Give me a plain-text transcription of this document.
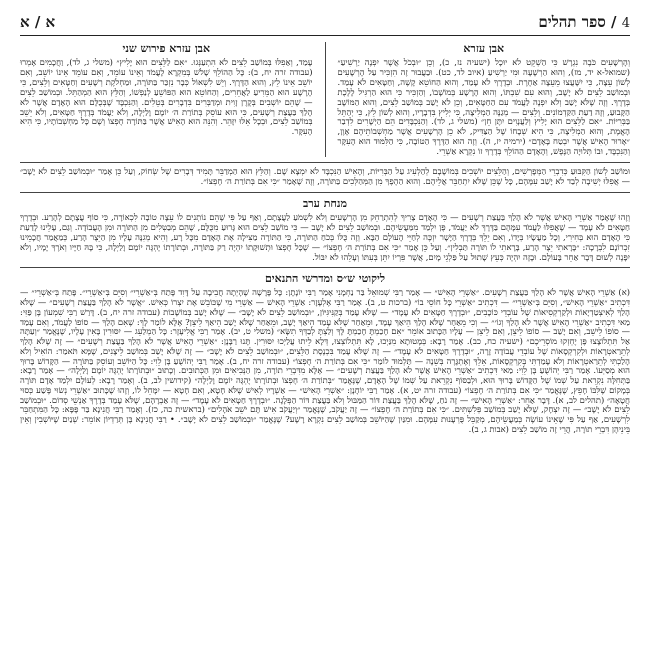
4 / ספר תהלים
א / א
אבן עזרא

וְהָרְשָׁעִים כֹּבֶה נִגְרָשׁ כִּי הַשְׁקֵט לֹא יוּכָל (ישעיה נז, כ), וְכֵן ״וּבְכֹל אֲשֶׁר יִפְנֶה יַרְשִׁיעַ״ (שמואל-א יד, מז), וְהוּא הַרְשָׁעָה וּמִי יַרְשִׁיעַ (איוב לד, כט). וּבַעֲבוּר זֶה הִזְכִּיר עַל הָרְשָׁעִים לְשׁוֹן עֵצָה, כִּי יִשָּׁעֲצוּ מֵעֵצָה אַחֶרֶת. וּבְדֶרֶךְ לֹא עָמַד, וְהוּא הַחוֹטֵא קָשֶׁה, וְחַטָּאִים לֹא עָמַד. וּבְמוֹשַׁב לֵצִים לֹא יָשָׁב, וְהוּא עִם שִׁבְתּוֹ, וְהוּא הָרָשָׁע בְּמוֹשָׁבוֹ, וְהַזְכִּיר כִּי הוּא הַרְגִּיל לָלֶכֶת בְּדֶרֶךְ. וְזֶה שֶׁלֹּא יָשַׁב וְלֹא יִפְנֶה לַעֲמֹד עִם הַחַטָּאִים, וְכֵן לֹא יָשַׁב בְּמוֹשַׁב לֵצִים, וְהוּא הַמּוֹשָׁב הַקָּבוּעַ, וְזֶה דַעַת הַקַּדְמוֹנִים. וְלֵצִים — מְגַנֶּה הַמְלִיצָה, כִּי יְלִיץ בִּדְבָרָיו, וְהוּא לְשׁוֹן לֵץ, כִּי יְהַתֵּל בַּבְּרִיּוֹת. ״אִם לַלֵּצִים הוּא יָלִיץ וְלַעֲנָוִים יִתֶּן חֵן״ (משלי ג, לד). וְהַנִּכְבָּדִים הֵם הַיְשָׁרִים לִדְבַר הָאֱמֶת, וְהוּא הַמְלִיצָה, כִּי הִיא שְׁבָחוֹ שֶׁל הַצַּדִּיק, לֹא כֵן הָרְשָׁעִים אֲשֶׁר מַחְשְׁבוֹתֵיהֶם אָוֶן, ״אָרוּר הָאִישׁ אֲשֶׁר יִבְטַח בָּאָדָם״ (ירמיה יז, ה). וְזֶה הוּא הַדֶּרֶךְ הַטּוֹבָה, כִּי הַלִּמּוּד הוּא הָעִקָּר וְהַנִּכְבָּד, וּבוֹ תְּלוּיָה הַנֶּפֶשׁ, וְהָאָדָם הַהוֹלֵךְ בְּדֶרֶךְ זוֹ נִקְרָא אַשְׁרֵי.

אבן עזרא פירוש שני

עָמַד, וְאַפִלּוּ בְּמוֹשַׁב לֵצִים לֹא הִתְעַנְּגוּ. ״אִם לַלֵּצִים הוּא יָלִיץ״ (משלי ג, לד), וַחֲכָמִים אָמְרוּ (עבודה זרה יח, ב): כָּל הַהוֹלֵךְ שָׁלֹשׁ בְּמִקְרָא לָעֲמֹד וְאֵינוֹ עוֹמֵד, וְאִם עוֹמֵד אֵינוֹ יוֹשֵׁב, וְאִם יוֹשֵׁב אֵינוֹ לֵץ, וְהוּא הַדֶּרֶךְ. וְיֵשׁ לִשְׁאוֹל כְּבָר נִזְכַּר בַּתּוֹרָה, וּמַחְלֹקֶת רְשָׁעִים וְחַטָּאִים וְלֵצִים, כִּי הָרָשָׁע הוּא הַמֵּרִיעַ לַאֲחֵרִים, וְהַחוֹטֵא הוּא הַפּוֹשֵׁעַ לְנַפְשׁוֹ, וְהַלֵּץ הוּא הַמְהַתֵּל. וּבְמוֹשַׁב לֵצִים — שֶׁהֵם יוֹשְׁבִים בְּקֶרֶן זָוִית וּמְדַבְּרִים בִּדְבָרִים בְּטֵלִים. וְהַנִּכְבָּד שֶׁבְּכֻלָּם הוּא הָאָדָם אֲשֶׁר לֹא הָלַךְ בַּעֲצַת רְשָׁעִים, כִּי הוּא עוֹסֵק בְּתוֹרַת ה׳ יוֹמָם וָלַיְלָה, וְלֹא יַעֲמֹד בְּדֶרֶךְ חַטָּאִים, וְלֹא יֵשֵׁב בְּמוֹשַׁב לֵצִים, וּבְכָל אֵלּוּ יִזָּהֵר. וְהִנֵּה הוּא הָאִישׁ אֲשֶׁר בַּתּוֹרָה חֶפְצוֹ וְשֶׁם כָּל מַחְשְׁבוֹתָיו, כִּי הִיא הָעִקָּר.

וּמוֹשַׁב לְשׁוֹן הַקִּבּוּעַ כְּדִבְרֵי הַמְּפָרְשִׁים, וְהַלֵּצִים יוֹשְׁבִים בְּמוֹשָׁבָם לְהַלְעִיג עַל הַבְּרִיּוֹת, וְהָאִישׁ הַנִּכְבָּד לֹא יִמְצָא שָׁם. וְהַלֵּץ הוּא הַמְדַבֵּר תָּמִיד דְּבָרִים שֶׁל שְׂחוֹק, וְעַל כֵּן אָמַר ״וּבְמוֹשַׁב לֵצִים לֹא יָשָׁב״ — אֲפִלּוּ יְשִׁיבָה לְבַד לֹא יָשַׁב עִמָּהֶם, כָּל שֶׁכֵּן שֶׁלֹּא יִתְחַבֵּר אֲלֵיהֶם. וְהוּא הַהֶפֶךְ מִן הַמְּהַלְּכִים בַּתּוֹרָה, וְזֶה שֶׁאָמַר ״כִּי אִם בְּתוֹרַת ה׳ חֶפְצוֹ״.

מנחת ערב

וְזֶהוּ שֶׁאָמַר אַשְׁרֵי הָאִישׁ אֲשֶׁר לֹא הָלַךְ בַּעֲצַת רְשָׁעִים — כִּי הָאָדָם צָרִיךְ לְהִתְרַחֵק מִן הָרְשָׁעִים וְלֹא לִשְׁמֹעַ לַעֲצָתָם, וְאַף עַל פִּי שֶׁהֵם נוֹתְנִים לוֹ עֵצָה טוֹבָה לִכְאוֹרָה, כִּי סוֹף עֲצָתָם לְהָרַע. וּבְדֶרֶךְ חַטָּאִים לֹא עָמָד — שֶׁאֲפִלּוּ לַעֲמֹד עִמָּהֶם בַּדֶּרֶךְ לֹא יַעֲמֹד, פֶּן יִלְמַד מִמַּעֲשֵׂיהֶם. וּבְמוֹשַׁב לֵצִים לֹא יָשָׁב — כִּי מוֹשַׁב לֵצִים הוּא גָּרוּעַ מִכֻּלָּם, שֶׁהֵם מְבַטְּלִים מִן הַתּוֹרָה וּמִן הָעֲבוֹדָה. וְגַם, עָלֵינוּ לָדַעַת כִּי הָאָדָם הוּא בְּחִירִי, וְכָל מַעֲשָׂיו בְּיָדוֹ, וְאִם יֵלֵךְ בְּדֶרֶךְ הַיָּשָׁר יִזְכֶּה לְחַיֵּי הָעוֹלָם הַבָּא. וְזֶה כֻּלּוֹ בְּכֹחַ הַתּוֹרָה, כִּי הַתּוֹרָה מַצִּילָה אֶת הָאָדָם מִכָּל רָע, וְהִיא מְגִנָּה עָלָיו מִן הַיֵּצֶר הָרַע, כְּמַאֲמַר חֲכָמֵינוּ זִכְרוֹנָם לִבְרָכָה: ״בָּרָאתִי יֵצֶר הָרַע, בָּרָאתִי לוֹ תּוֹרָה תַּבְלִין״. וְעַל כֵּן אָמַר ״כִּי אִם בְּתוֹרַת ה׳ חֶפְצוֹ״ — שֶׁכָּל חֶפְצוֹ וּתְשׁוּקָתוֹ יִהְיֶה רַק בַּתּוֹרָה, וּבְתוֹרָתוֹ יֶהְגֶּה יוֹמָם וָלַיְלָה, כִּי בָּהּ חַיָּיו וְאֹרֶךְ יָמָיו, וְלֹא יִפָּנֶה לְשׁוּם דָּבָר אַחֵר בָּעוֹלָם. וּבָזֶה יִהְיֶה כְּעֵץ שָׁתוּל עַל פַּלְגֵי מָיִם, אֲשֶׁר פִּרְיוֹ יִתֵּן בְּעִתּוֹ וְעָלֵהוּ לֹא יִבּוֹל.

ליקוטי ש״ס ומדרשי התנאים

(א) אַשְׁרֵי הָאִישׁ אֲשֶׁר לֹא הָלַךְ בַּעֲצַת רְשָׁעִים. ״אַשְׁרֵי הָאִישׁ״ — אָמַר רַבִּי שְׁמוּאֵל בַּר נַחְמָנִי אָמַר רַבִּי יוֹנָתָן: כָּל פָּרָשָׁה שֶׁהָיְתָה חֲבִיבָה עַל דָּוִד פָּתַח בְּ״אַשְׁרֵי״ וְסִיֵּם בְּ״אַשְׁרֵי״. פָּתַח בְּ״אַשְׁרֵי״ — דִּכְתִיב ״אַשְׁרֵי הָאִישׁ״, וְסִיֵּם בְּ״אַשְׁרֵי״ — דִּכְתִיב ״אַשְׁרֵי כָּל חוֹסֵי בוֹ״ (ברכות ט, ב). אָמַר רַבִּי אֶלְעָזָר: אַשְׁרֵי הָאִישׁ — אַשְׁרֵי מִי שֶׁכּוֹבֵשׁ אֶת יִצְרוֹ כְּאִישׁ. ״אֲשֶׁר לֹא הָלַךְ בַּעֲצַת רְשָׁעִים״ — שֶׁלֹּא הָלַךְ לְאִיצְטַדְיָאוֹת וּלְקַרְקְסִיאוֹת שֶׁל עוֹבְדֵי כּוֹכָבִים, ״וּבְדֶרֶךְ חַטָּאִים לֹא עָמָד״ — שֶׁלֹּא עָמַד בְּקַנִּיגִּיּוֹן, ״וּבְמוֹשַׁב לֵצִים לֹא יָשָׁב״ — שֶׁלֹּא יָשַׁב בְּמוֹשָׁבוֹת (עבודה זרה יח, ב). דָּרַשׁ רַבִּי שִׁמְעוֹן בֶּן פַּזִּי: מַאי דִּכְתִיב ״אַשְׁרֵי הָאִישׁ אֲשֶׁר לֹא הָלַךְ וְגוֹ׳״ — וְכִי מֵאַחַר שֶׁלֹּא הָלַךְ הֵיאַךְ עָמָד, וּמֵאַחַר שֶׁלֹּא עָמַד הֵיאַךְ יָשָׁב, וּמֵאַחַר שֶׁלֹּא יָשַׁב הֵיאַךְ לֵיצֵן? אֶלָּא לוֹמַר לָךְ: שֶׁאִם הָלַךְ — סוֹפוֹ לַעֲמֹד, וְאִם עָמַד — סוֹפוֹ לֵישֵׁב, וְאִם יָשַׁב — סוֹפוֹ לֵיצֵן, וְאִם לֵיצֵן — עָלָיו הַכָּתוּב אוֹמֵר ״אִם חָכַמְתָּ חָכַמְתָּ לָּךְ וְלַצְתָּ לְבַדְּךָ תִשָּׂא״ (משלי ט, יב). אָמַר רַבִּי אֱלִיעֶזֶר: כָּל הַמְלַעֵג — יִסּוּרִין בָּאִין עָלָיו, שֶׁנֶּאֱמַר ״וְעַתָּה אַל תִּתְלוֹצָצוּ פֶּן יֶחְזְקוּ מוֹסְרֵיכֶם״ (ישעיה כח, כב). אָמַר רָבָא: בְּמָטוּתָא מִנַּיְכוּ, לָא תִּתְלוֹצְצוּ, דְּלָא לֵיתוּ עֲלַיְכוּ יִסּוּרִין. תָּנוּ רַבָּנָן: ״אַשְׁרֵי הָאִישׁ אֲשֶׁר לֹא הָלַךְ בַּעֲצַת רְשָׁעִים״ — זֶה שֶׁלֹּא הָלַךְ לְתֵרַאטְרָאוֹת וּלְקִרְקְסָאוֹת שֶׁל עוֹבְדֵי עֲבוֹדָה זָרָה, ״וּבְדֶרֶךְ חַטָּאִים לֹא עָמָד״ — זֶה שֶׁלֹּא עָמַד בִּכְנֶסֶת הַלֵּצִים, ״וּבְמוֹשַׁב לֵצִים לֹא יָשָׁב״ — זֶה שֶׁלֹּא יָשַׁב בְּמוֹשַׁב לֵיצָנִים, שֶׁמָּא תֹּאמַר: הוֹאִיל וְלֹא הָלַכְתִּי לְתֵרַאטְרָאוֹת וְלֹא עָמַדְתִּי בְּקִרְקְסָאוֹת, אֵלֵךְ וְאֶתְגָּרֶה בְּשֵׁנָה — תַּלְמוּד לוֹמַר ״כִּי אִם בְּתוֹרַת ה׳ חֶפְצוֹ״ (עבודה זרה יח, ב). אָמַר רַבִּי יְהוֹשֻׁעַ בֶּן לֵוִי: כָּל הַיּוֹשֵׁב וְעוֹסֵק בַּתּוֹרָה — הַקָּדוֹשׁ בָּרוּךְ הוּא מְסַיְּעוֹ. אָמַר רַבִּי יְהוֹשֻׁעַ בֶּן לֵוִי: מַאי דִּכְתִיב ״אַשְׁרֵי הָאִישׁ אֲשֶׁר לֹא הָלַךְ בַּעֲצַת רְשָׁעִים״ — אֶלָּא מִדִּבְרֵי תוֹרָה, מִן הַנְּבִיאִים וּמִן הַכְּתוּבִים. וְכָתוּב ״וּבְתוֹרָתוֹ יֶהְגֶּה יוֹמָם וָלַיְלָה״ — אָמַר רָבָא: בַּתְּחִלָּה נִקְרֵאת עַל שְׁמוֹ שֶׁל הַקָּדוֹשׁ בָּרוּךְ הוּא, וּלְבַסּוֹף נִקְרֵאת עַל שְׁמוֹ שֶׁל הָאָדָם, שֶׁנֶּאֱמַר ״בְּתוֹרַת ה׳ חֶפְצוֹ וּבְתוֹרָתוֹ יֶהְגֶּה יוֹמָם וָלַיְלָה״ (קידושין לב, ב). וְאָמַר רָבָא: לְעוֹלָם יִלְמַד אָדָם תּוֹרָה בְּמָקוֹם שֶׁלִּבּוֹ חָפֵץ, שֶׁנֶּאֱמַר ״כִּי אִם בְּתוֹרַת ה׳ חֶפְצוֹ״ (עבודה זרה יט, א). אָמַר רַבִּי יוֹחָנָן: ״אַשְׁרֵי הָאִישׁ״ — אַשְׁרָיו לְאִישׁ שֶׁלֹּא חָטָא, וְאִם חָטָא — יִמָּחֵל לוֹ, וְזֶהוּ שֶׁכָּתוּב ״אַשְׁרֵי נְשׂוּי פֶּשַׁע כְּסוּי חֲטָאָה״ (תהלים לב, א). דָּבָר אַחֵר: ״אַשְׁרֵי הָאִישׁ״ — זֶה נֹחַ, שֶׁלֹּא הָלַךְ בַּעֲצַת דּוֹר הַמַּבּוּל וְלֹא בַּעֲצַת דּוֹר הַפְּלָגָה. ״וּבְדֶרֶךְ חַטָּאִים לֹא עָמָד״ — זֶה אַבְרָהָם, שֶׁלֹּא עָמַד בְּדֶרֶךְ אַנְשֵׁי סְדוֹם. ״וּבְמוֹשַׁב לֵצִים לֹא יָשָׁב״ — זֶה יִצְחָק, שֶׁלֹּא יָשַׁב בְּמוֹשַׁב פְּלִשְׁתִּים. ״כִּי אִם בְּתוֹרַת ה׳ חֶפְצוֹ״ — זֶה יַעֲקֹב, שֶׁנֶּאֱמַר ״וְיַעֲקֹב אִישׁ תָּם יֹשֵׁב אֹהָלִים״ (בראשית כה, כז). וְאָמַר רַבִּי חֲנִינָא בַּר פָּפָּא: כָּל הַמִּתְחַבֵּר לִרְשָׁעִים, אַף עַל פִּי שֶׁאֵינוֹ עוֹשֶׂה כְּמַעֲשֵׂיהֶם, מְקַבֵּל פֻּרְעָנוּת עִמָּהֶם. וּמִנַּיִן שֶׁהַיּוֹשֵׁב בְּמוֹשַׁב לֵצִים נִקְרָא רָשָׁע? שֶׁנֶּאֱמַר ״וּבְמוֹשַׁב לֵצִים לֹא יָשָׁב״. • רַבִּי חֲנִינָא בֶּן תְּרַדְיוֹן אוֹמֵר: שְׁנַיִם שֶׁיּוֹשְׁבִין וְאֵין בֵּינֵיהֶן דִּבְרֵי תוֹרָה, הֲרֵי זֶה מוֹשַׁב לֵצִים (אבות ג, ב).
